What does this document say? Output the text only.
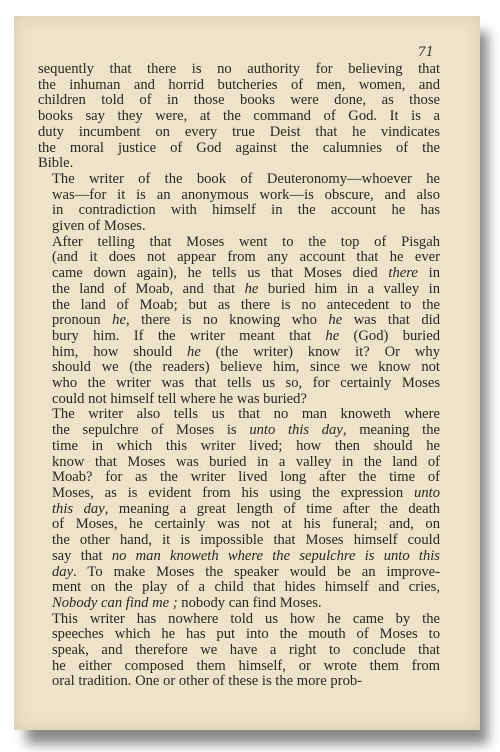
71

sequently that there is no authority for believing that
the inhuman and horrid butcheries of men, women, and
children told of in those books were done, as those
books say they were, at the command of God. It is a
duty incumbent on every true Deist that he vindicates
the moral justice of God against the calumnies of the
Bible.

The writer of the book of Deuteronomy—whoever he
was—for it is an anonymous work—is obscure, and also
in contradiction with himself in the account he has
given of Moses.

After telling that Moses went to the top of Pisgah
(and it does not appear from any account that he ever
came down again), he tells us that Moses died there in
the land of Moab, and that he buried him in a valley in
the land of Moab; but as there is no antecedent to the
pronoun he, there is no knowing who he was that did
bury him. If the writer meant that he (God) buried
him, how should he (the writer) know it? Or why
should we (the readers) believe him, since we know not
who the writer was that tells us so, for certainly Moses
could not himself tell where he was buried?

The writer also tells us that no man knoweth where
the sepulchre of Moses is unto this day, meaning the
time in which this writer lived; how then should he
know that Moses was buried in a valley in the land of
Moab? for as the writer lived long after the time of
Moses, as is evident from his using the expression unto
this day, meaning a great length of time after the death
of Moses, he certainly was not at his funeral; and, on
the other hand, it is impossible that Moses himself could
say that no man knoweth where the sepulchre is unto this
day. To make Moses the speaker would be an improve-
ment on the play of a child that hides himself and cries,
Nobody can find me ; nobody can find Moses.

This writer has nowhere told us how he came by the
speeches which he has put into the mouth of Moses to
speak, and therefore we have a right to conclude that
he either composed them himself, or wrote them from
oral tradition. One or other of these is the more prob-
